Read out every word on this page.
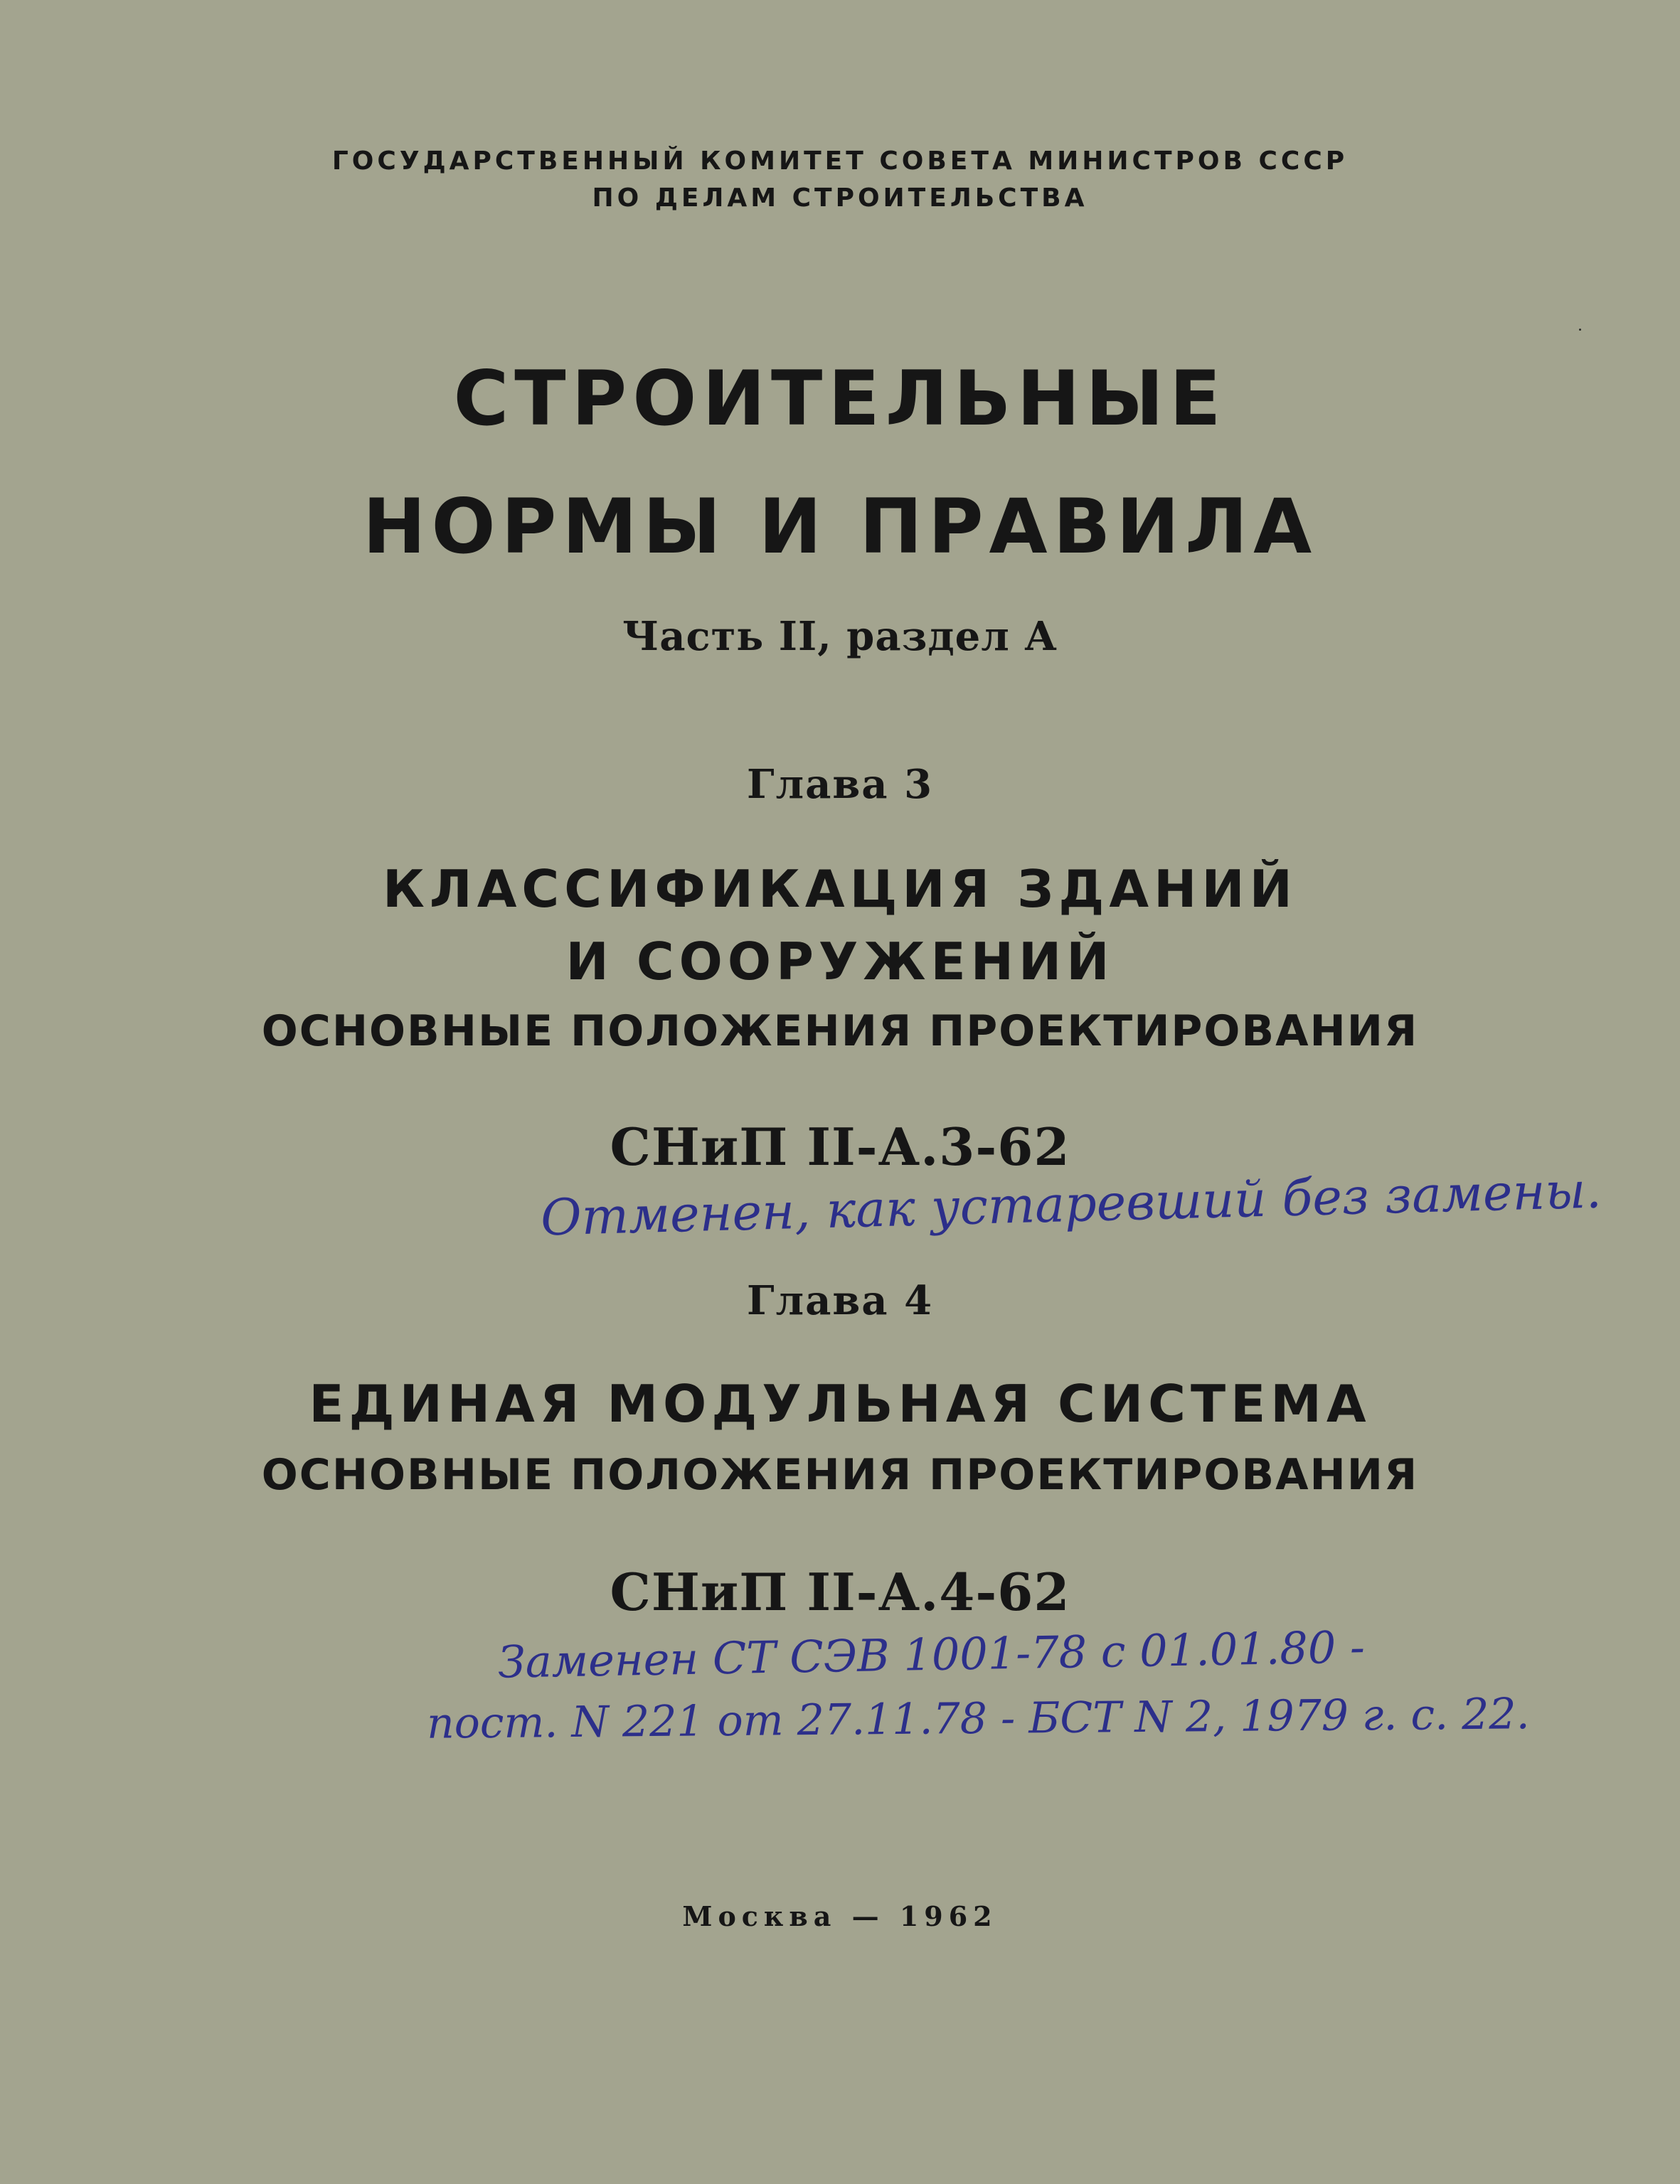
ГОСУДАРСТВЕННЫЙ КОМИТЕТ СОВЕТА МИНИСТРОВ СССР

ПО ДЕЛАМ СТРОИТЕЛЬСТВА

СТРОИТЕЛЬНЫЕ
НОРМЫ И ПРАВИЛА

Часть II, раздел А

Глава 3

КЛАССИФИКАЦИЯ ЗДАНИЙ
И СООРУЖЕНИЙ

ОСНОВНЫЕ ПОЛОЖЕНИЯ ПРОЕКТИРОВАНИЯ

СНиП II-А.3-62

Отменен, как устаревший без замены.

Глава 4

ЕДИНАЯ МОДУЛЬНАЯ СИСТЕМА

ОСНОВНЫЕ ПОЛОЖЕНИЯ ПРОЕКТИРОВАНИЯ

СНиП II-А.4-62

Заменен СТ СЭВ 1001-78 с 01.01.80 -

пост. N 221 от 27.11.78 - БСТ N 2, 1979 г. с. 22.

Москва — 1962
